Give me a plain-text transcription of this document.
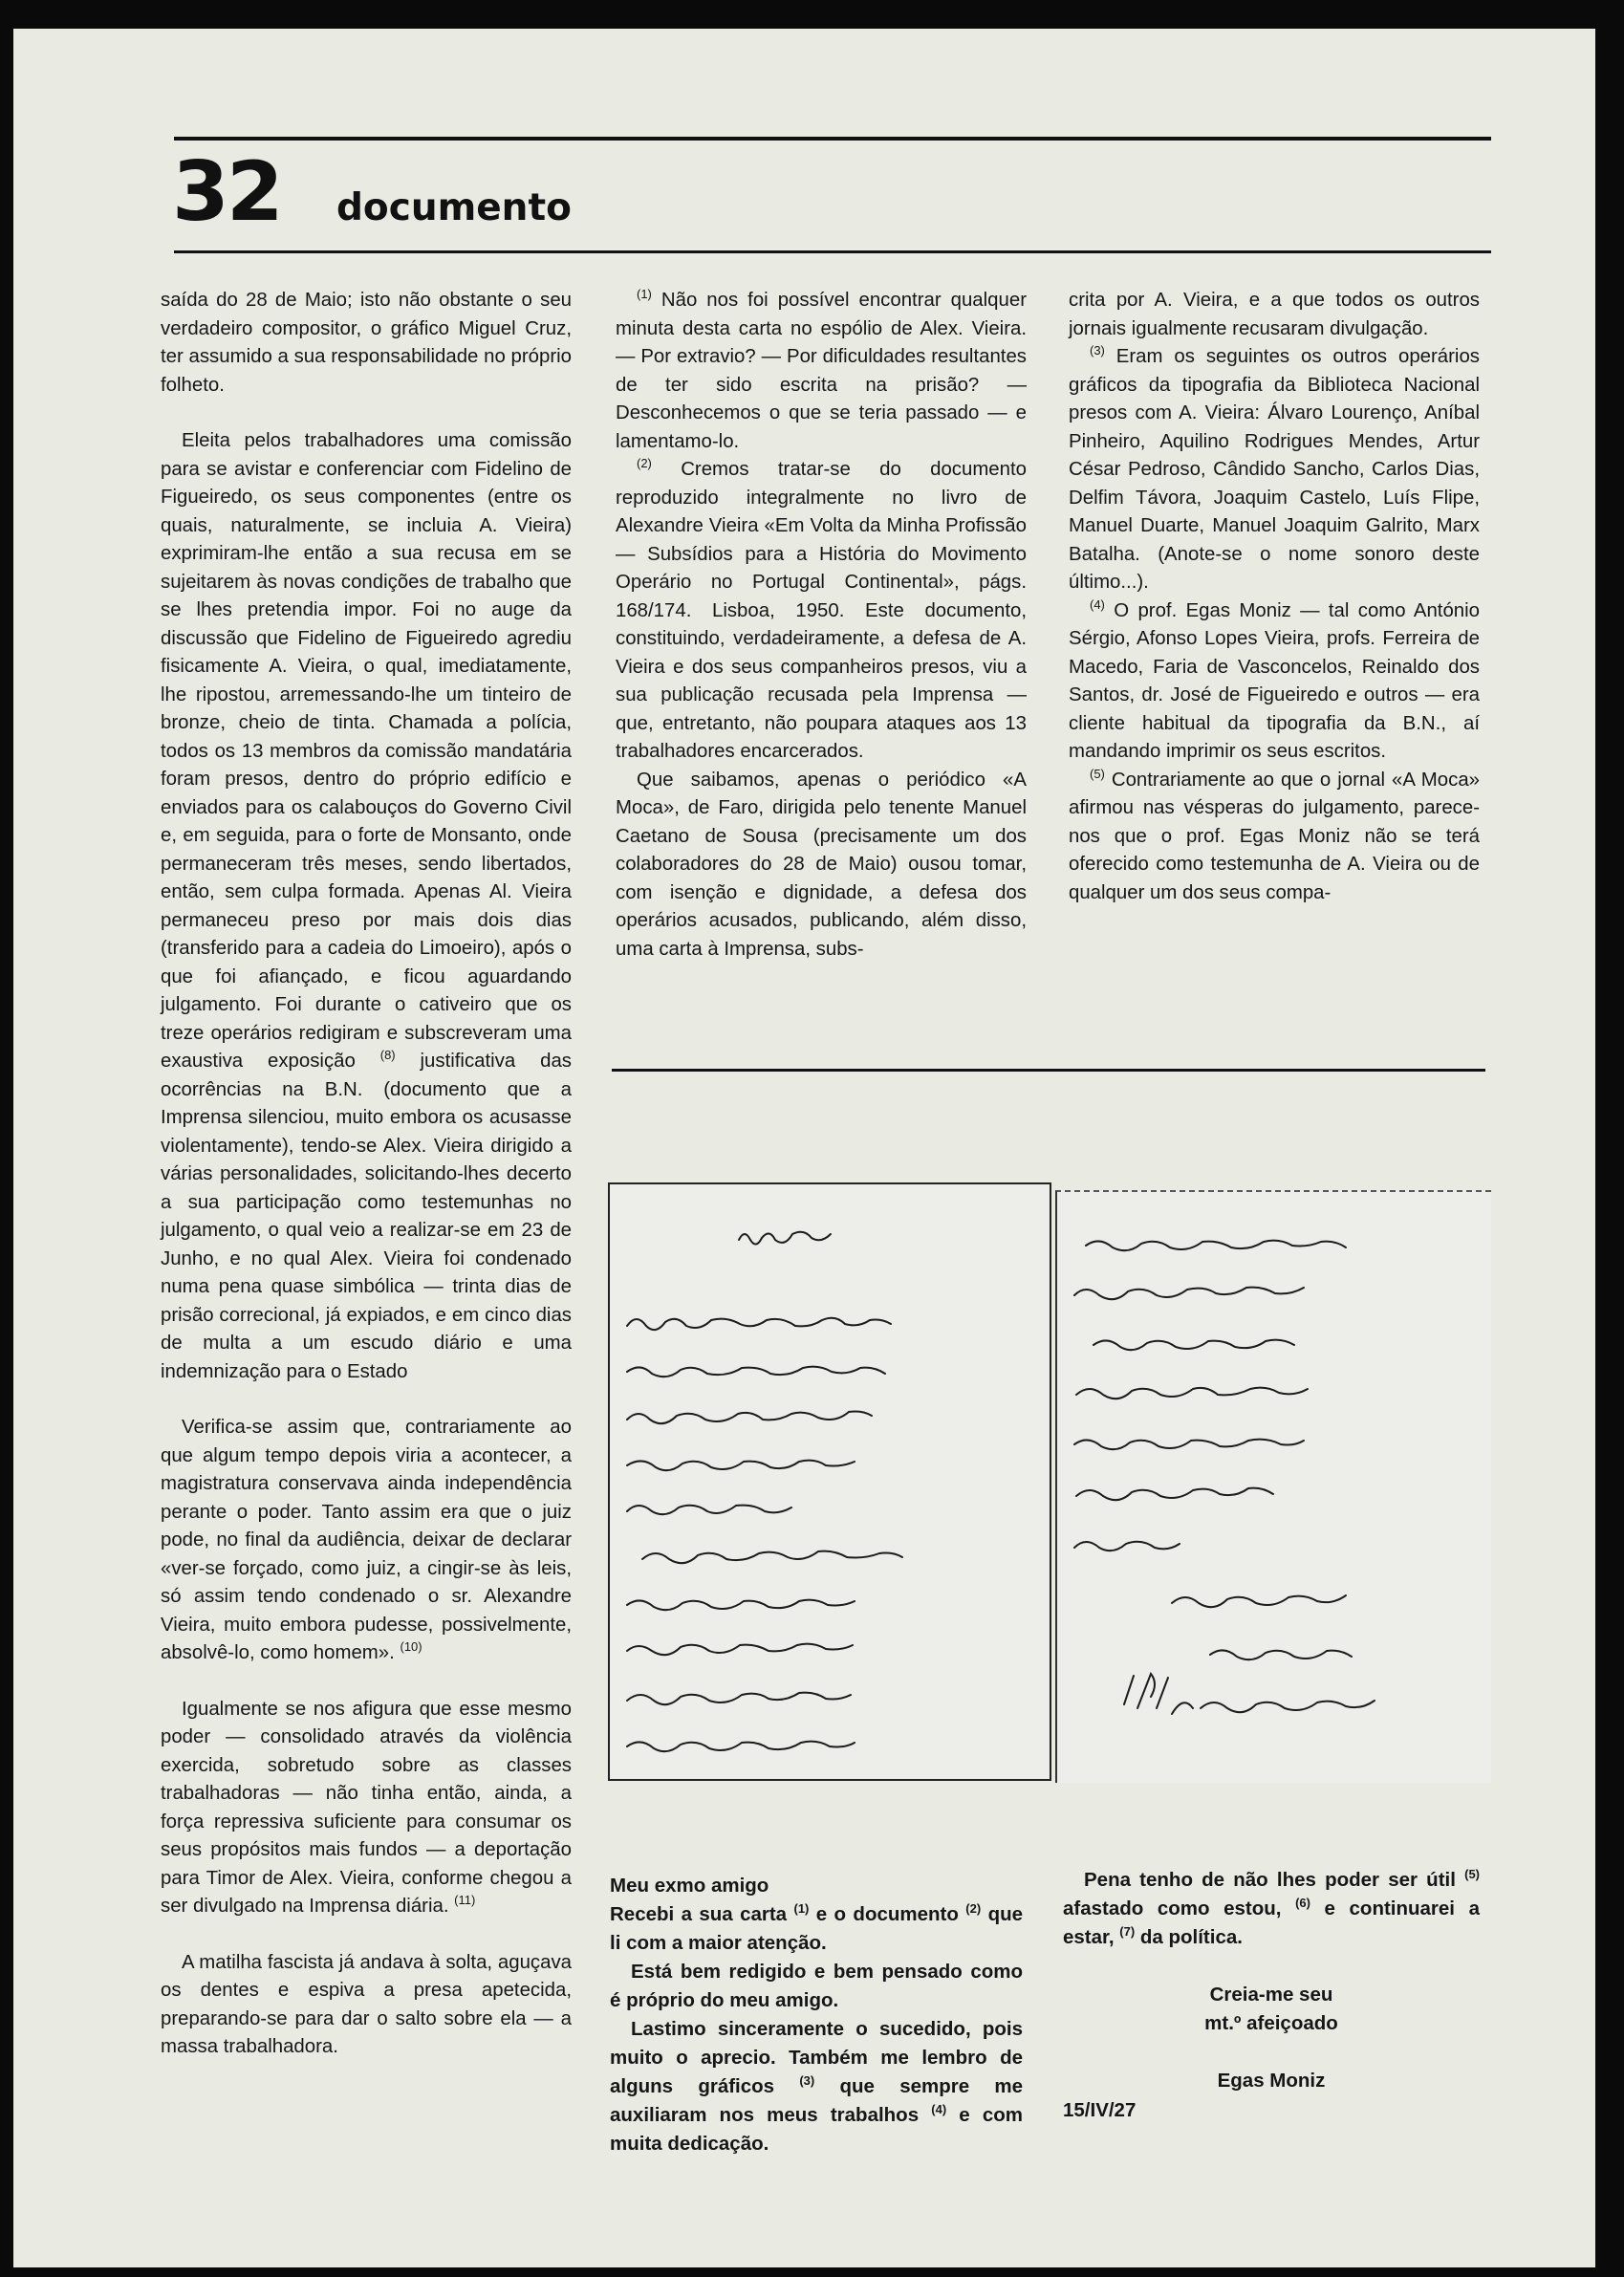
32 documento

saída do 28 de Maio; isto não obstante o seu verdadeiro compositor, o gráfico Miguel Cruz, ter assumido a sua responsabilidade no próprio folheto.

Eleita pelos trabalhadores uma comissão para se avistar e conferenciar com Fidelino de Figueiredo, os seus componentes (entre os quais, naturalmente, se incluia A. Vieira) exprimiram-lhe então a sua recusa em se sujeitarem às novas condições de trabalho que se lhes pretendia impor. Foi no auge da discussão que Fidelino de Figueiredo agrediu fisicamente A. Vieira, o qual, imediatamente, lhe ripostou, arremessando-lhe um tinteiro de bronze, cheio de tinta. Chamada a polícia, todos os 13 membros da comissão mandatária foram presos, dentro do próprio edifício e enviados para os calabouços do Governo Civil e, em seguida, para o forte de Monsanto, onde permaneceram três meses, sendo libertados, então, sem culpa formada. Apenas Al. Vieira permaneceu preso por mais dois dias (transferido para a cadeia do Limoeiro), após o que foi afiançado, e ficou aguardando julgamento. Foi durante o cativeiro que os treze operários redigiram e subscreveram uma exaustiva exposição $^{(8)}$ justificativa das ocorrências na B.N. (documento que a Imprensa silenciou, muito embora os acusasse violentamente), tendo-se Alex. Vieira dirigido a várias personalidades, solicitando-lhes decerto a sua participação como testemunhas no julgamento, o qual veio a realizar-se em 23 de Junho, e no qual Alex. Vieira foi condenado numa pena quase simbólica — trinta dias de prisão correcional, já expiados, e em cinco dias de multa a um escudo diário e uma indemnização para o Estado

Verifica-se assim que, contrariamente ao que algum tempo depois viria a acontecer, a magistratura conservava ainda independência perante o poder. Tanto assim era que o juiz pode, no final da audiência, deixar de declarar «ver-se forçado, como juiz, a cingir-se às leis, só assim tendo condenado o sr. Alexandre Vieira, muito embora pudesse, possivelmente, absolvê-lo, como homem». $^{(10)}$

Igualmente se nos afigura que esse mesmo poder — consolidado através da violência exercida, sobretudo sobre as classes trabalhadoras — não tinha então, ainda, a força repressiva suficiente para consumar os seus propósitos mais fundos — a deportação para Timor de Alex. Vieira, conforme chegou a ser divulgado na Imprensa diária. $^{(11)}$

A matilha fascista já andava à solta, aguçava os dentes e espiva a presa apetecida, preparando-se para dar o salto sobre ela — a massa trabalhadora.

$^{(1)}$ Não nos foi possível encontrar qualquer minuta desta carta no espólio de Alex. Vieira. — Por extravio? — Por dificuldades resultantes de ter sido escrita na prisão? — Desconhecemos o que se teria passado — e lamentamo-lo.

$^{(2)}$ Cremos tratar-se do documento reproduzido integralmente no livro de Alexandre Vieira «Em Volta da Minha Profissão — Subsídios para a História do Movimento Operário no Portugal Continental», págs. 168/174. Lisboa, 1950. Este documento, constituindo, verdadeiramente, a defesa de A. Vieira e dos seus companheiros presos, viu a sua publicação recusada pela Imprensa — que, entretanto, não poupara ataques aos 13 trabalhadores encarcerados.

Que saibamos, apenas o periódico «A Moca», de Faro, dirigida pelo tenente Manuel Caetano de Sousa (precisamente um dos colaboradores do 28 de Maio) ousou tomar, com isenção e dignidade, a defesa dos operários acusados, publicando, além disso, uma carta à Imprensa, subs-

crita por A. Vieira, e a que todos os outros jornais igualmente recusaram divulgação.

$^{(3)}$ Eram os seguintes os outros operários gráficos da tipografia da Biblioteca Nacional presos com A. Vieira: Álvaro Lourenço, Aníbal Pinheiro, Aquilino Rodrigues Mendes, Artur César Pedroso, Cândido Sancho, Carlos Dias, Delfim Távora, Joaquim Castelo, Luís Flipe, Manuel Duarte, Manuel Joaquim Galrito, Marx Batalha. (Anote-se o nome sonoro deste último...).

$^{(4)}$ O prof. Egas Moniz — tal como António Sérgio, Afonso Lopes Vieira, profs. Ferreira de Macedo, Faria de Vasconcelos, Reinaldo dos Santos, dr. José de Figueiredo e outros — era cliente habitual da tipografia da B.N., aí mandando imprimir os seus escritos.

$^{(5)}$ Contrariamente ao que o jornal «A Moca» afirmou nas vésperas do julgamento, parece-nos que o prof. Egas Moniz não se terá oferecido como testemunha de A. Vieira ou de qualquer um dos seus compa-

Meu exmo amigo

Recebi a sua carta $^{(1)}$ e o documento $^{(2)}$ que li com a maior atenção.

Está bem redigido e bem pensado como é próprio do meu amigo.

Lastimo sinceramente o sucedido, pois muito o aprecio. Também me lembro de alguns gráficos $^{(3)}$ que sempre me auxiliaram nos meus trabalhos $^{(4)}$ e com muita dedicação.

Pena tenho de não lhes poder ser útil $^{(5)}$ afastado como estou, $^{(6)}$ e continuarei a estar, $^{(7)}$ da política.

Creia-me seu

mt.º afeiçoado

Egas Moniz

15/IV/27
